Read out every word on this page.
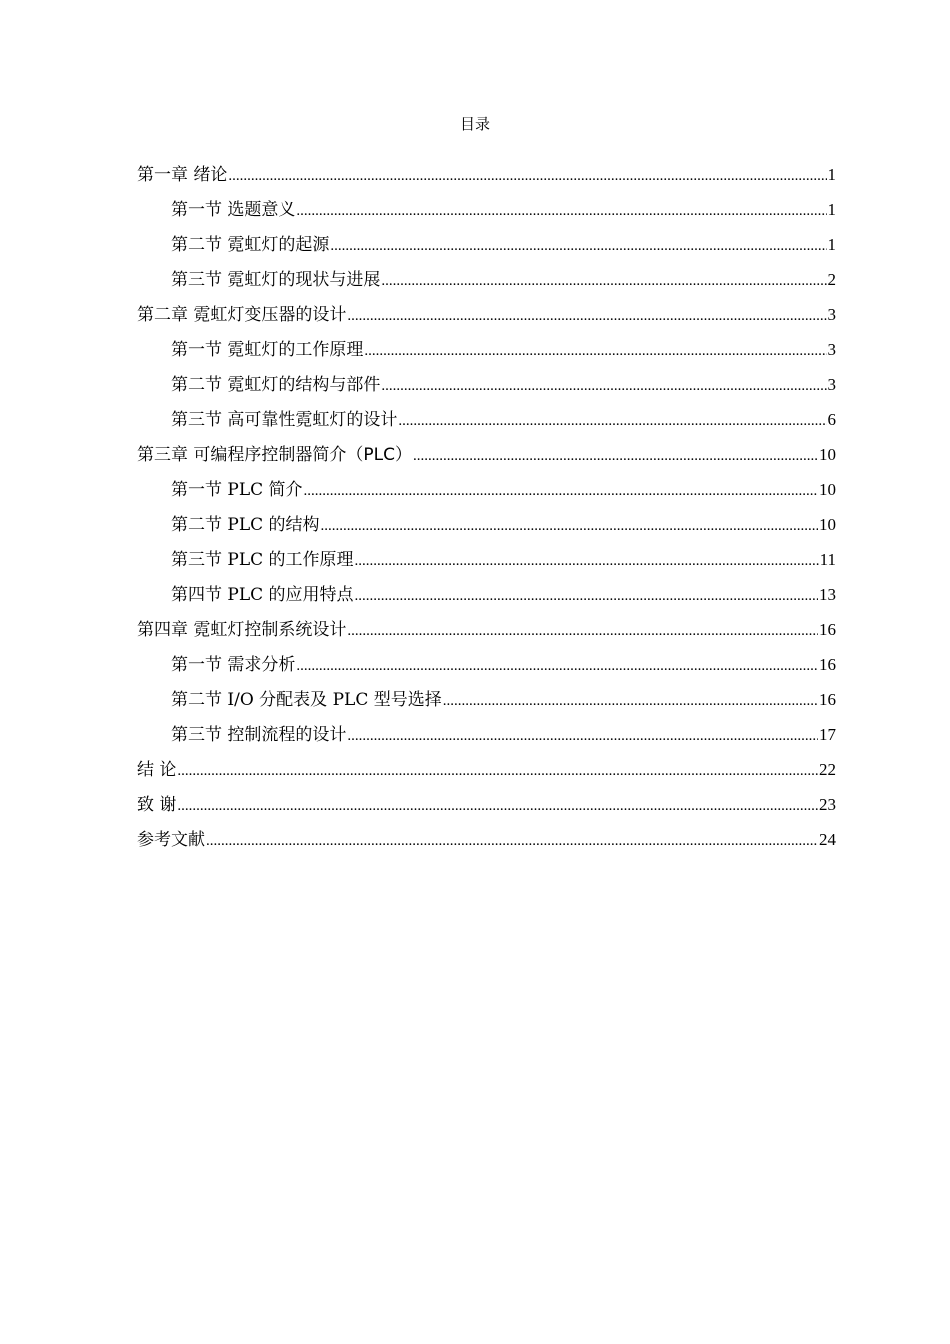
目录
第一章 绪论 .....	1
第一节 选题意义 .....	1
第二节 霓虹灯的起源 .....	1
第三节 霓虹灯的现状与进展 .....	2
第二章 霓虹灯变压器的设计 .....	3
第一节 霓虹灯的工作原理 .....	3
第二节 霓虹灯的结构与部件 .....	3
第三节 高可靠性霓虹灯的设计 .....	6
第三章 可编程序控制器简介（PLC） .....	10
第一节 PLC 简介 .....	10
第二节 PLC 的结构 .....	10
第三节 PLC 的工作原理 .....	11
第四节 PLC 的应用特点 .....	13
第四章 霓虹灯控制系统设计 .....	16
第一节 需求分析 .....	16
第二节 I/O 分配表及 PLC 型号选择 .....	16
第三节 控制流程的设计 .....	17
结 论 .....	22
致 谢 .....	23
参考文献 .....	24
